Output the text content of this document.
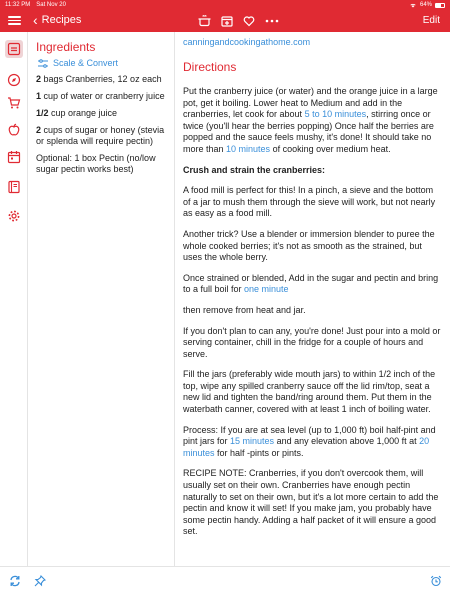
11:32 PM Sat Nov 20	64%
‹ Recipes	Edit
Ingredients
Scale & Convert
2 bags Cranberries, 12 oz each
1 cup of water or cranberry juice
1/2 cup orange juice
2 cups of sugar or honey (stevia or splenda will require pectin)
Optional: 1 box Pectin (no/low sugar pectin works best)
canningandcookingathome.com
Directions

Put the cranberry juice (or water) and the orange juice in a large pot, get it boiling. Lower heat to Medium and add in the cranberries, let cook for about 5 to 10 minutes, stirring once or twice (you'll hear the berries popping) Once half the berries are popped and the sauce feels mushy, it's done! It should take no more than 10 minutes of cooking over medium heat.

Crush and strain the cranberries:

A food mill is perfect for this! In a pinch, a sieve and the bottom of a jar to mush them through the sieve will work, but not nearly as easy as a food mill.

Another trick? Use a blender or immersion blender to puree the whole cooked berries; it's not as smooth as the strained, but uses the whole berry.

Once strained or blended, Add in the sugar and pectin and bring to a full boil for one minute

then remove from heat and jar.

If you don't plan to can any, you're done! Just pour into a mold or serving container, chill in the fridge for a couple of hours and serve.

Fill the jars (preferably wide mouth jars) to within 1/2 inch of the top, wipe any spilled cranberry sauce off the lid rim/top, seat a new lid and tighten the band/ring around them. Put them in the waterbath canner, covered with at least 1 inch of boiling water.

Process: If you are at sea level (up to 1,000 ft) boil half-pint and pint jars for 15 minutes and any elevation above 1,000 ft at 20 minutes for half -pints or pints.

RECIPE NOTE: Cranberries, if you don't overcook them, will usually set on their own. Cranberries have enough pectin naturally to set on their own, but it's a lot more certain to add the pectin and know it will set! If you make jam, you probably have some pectin handy. Adding a half packet of it will ensure a good set.
